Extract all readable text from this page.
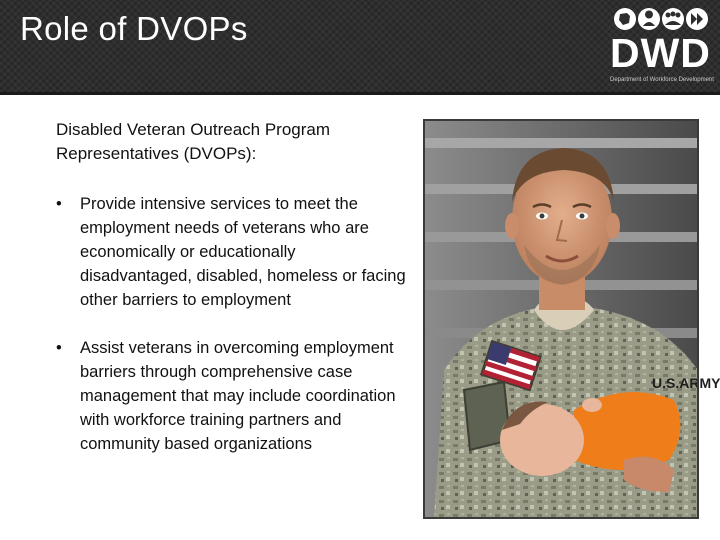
Role of DVOPs
DWD
Department of Workforce Development

Disabled Veteran Outreach Program Representatives (DVOPs):

• Provide intensive services to meet the employment needs of veterans who are economically or educationally disadvantaged, disabled, homeless or facing other barriers to employment
• Assist veterans in overcoming employment barriers through comprehensive case management that may include coordination with workforce training partners and community based organizations
U.S.ARMY
